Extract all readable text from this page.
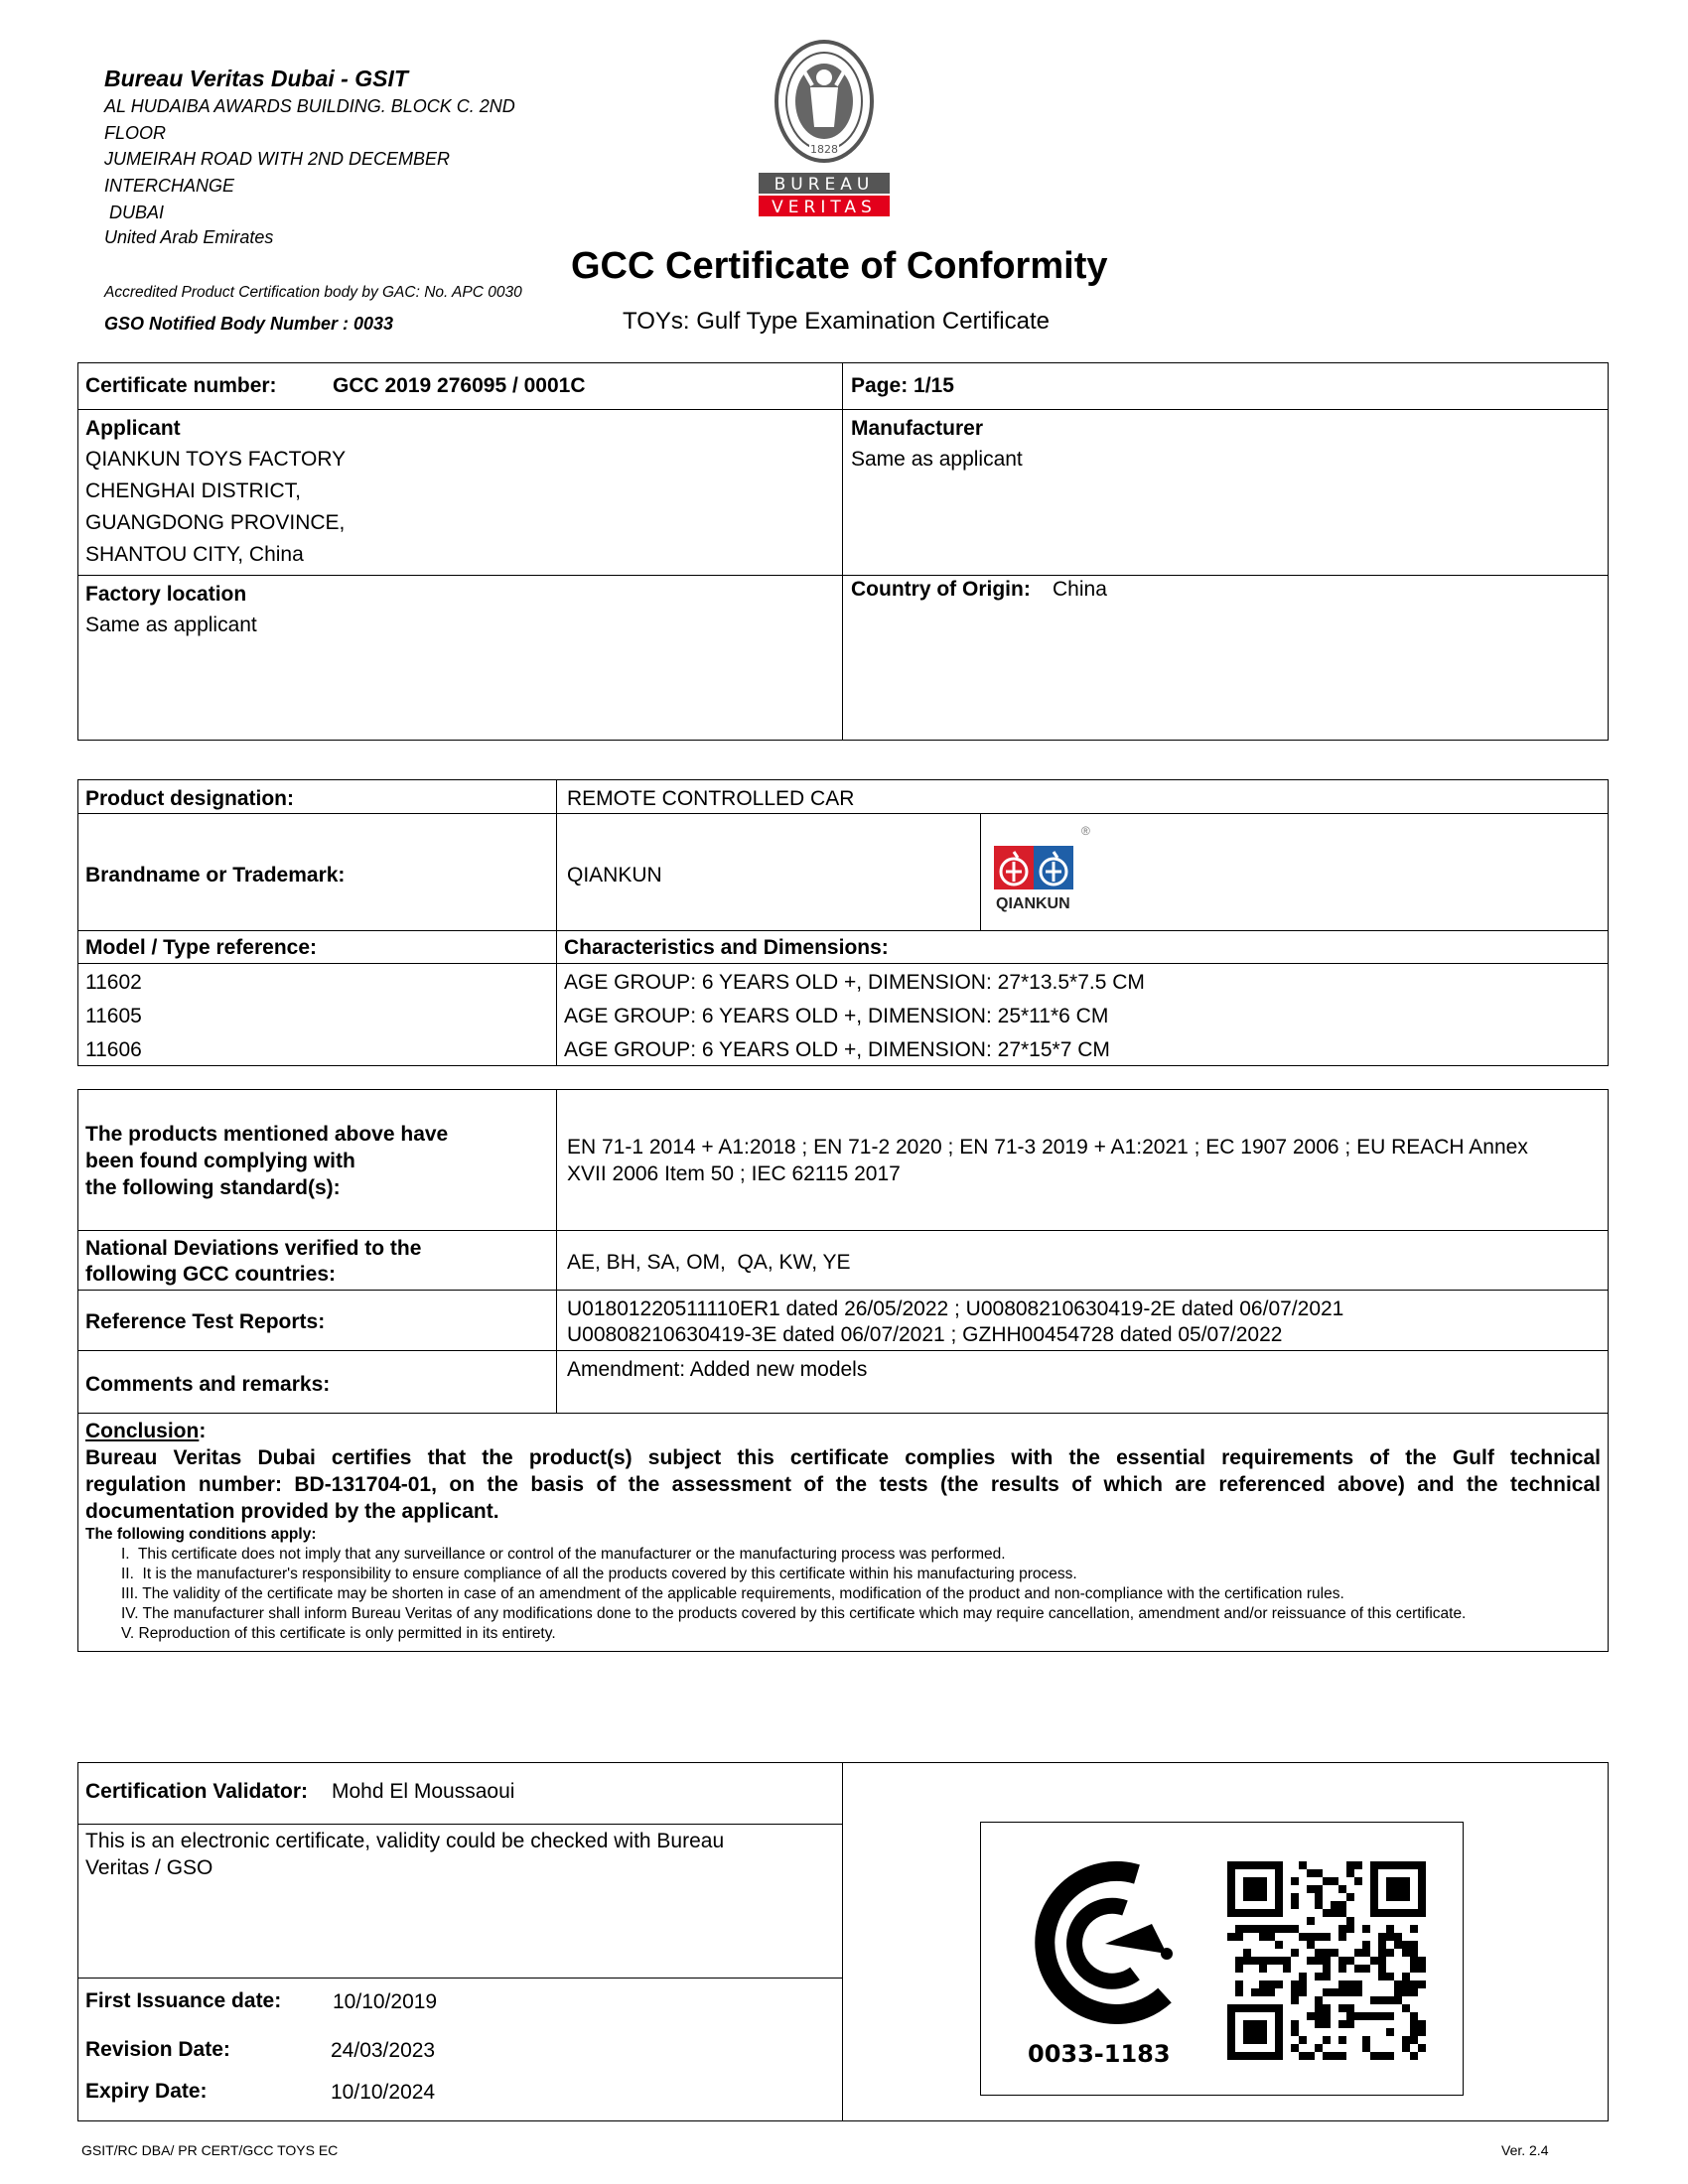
Bureau Veritas Dubai - GSIT
AL HUDAIBA AWARDS BUILDING. BLOCK C. 2ND
FLOOR
JUMEIRAH ROAD WITH 2ND DECEMBER
INTERCHANGE
DUBAI
United Arab Emirates
Accredited Product Certification body by GAC: No. APC 0030
GSO Notified Body Number : 0033
1828
BUREAU
VERITAS
GCC Certificate of Conformity
TOYs: Gulf Type Examination Certificate
Certificate number:	GCC 2019 276095 / 0001C	Page: 1/15
Applicant
QIANKUN TOYS FACTORY
CHENGHAI DISTRICT,
GUANGDONG PROVINCE,
SHANTOU CITY, China
Manufacturer
Same as applicant
Factory location
Same as applicant
Country of Origin: China
Product designation:	REMOTE CONTROLLED CAR
Brandname or Trademark:	QIANKUN
QIANKUN
®
Model / Type reference:	Characteristics and Dimensions:
11602	AGE GROUP: 6 YEARS OLD +, DIMENSION: 27*13.5*7.5 CM
11605	AGE GROUP: 6 YEARS OLD +, DIMENSION: 25*11*6 CM
11606	AGE GROUP: 6 YEARS OLD +, DIMENSION: 27*15*7 CM
The products mentioned above have
been found complying with
the following standard(s):
EN 71-1 2014 + A1:2018 ; EN 71-2 2020 ; EN 71-3 2019 + A1:2021 ; EC 1907 2006 ; EU REACH Annex
XVII 2006 Item 50 ; IEC 62115 2017
National Deviations verified to the
following GCC countries:
AE, BH, SA, OM,  QA, KW, YE
Reference Test Reports:
U01801220511110ER1 dated 26/05/2022 ; U00808210630419-2E dated 06/07/2021
U00808210630419-3E dated 06/07/2021 ; GZHH00454728 dated 05/07/2022
Comments and remarks:
Amendment: Added new models
Conclusion:
Bureau Veritas Dubai certifies that the product(s) subject this certificate complies with the essential requirements of the Gulf technical
regulation number: BD-131704-01, on the basis of the assessment of the tests (the results of which are referenced above) and the technical
documentation provided by the applicant.
The following conditions apply:
I.  This certificate does not imply that any surveillance or control of the manufacturer or the manufacturing process was performed.
II.  It is the manufacturer's responsibility to ensure compliance of all the products covered by this certificate within his manufacturing process.
III. The validity of the certificate may be shorten in case of an amendment of the applicable requirements, modification of the product and non-compliance with the certification rules.
IV. The manufacturer shall inform Bureau Veritas of any modifications done to the products covered by this certificate which may require cancellation, amendment and/or reissuance of this certificate.
V. Reproduction of this certificate is only permitted in its entirety.
Certification Validator: Mohd El Moussaoui
This is an electronic certificate, validity could be checked with Bureau
Veritas / GSO
First Issuance date: 10/10/2019
Revision Date:	24/03/2023
Expiry Date:	10/10/2024
0033-1183
GSIT/RC DBA/ PR CERT/GCC TOYS EC	Ver. 2.4
